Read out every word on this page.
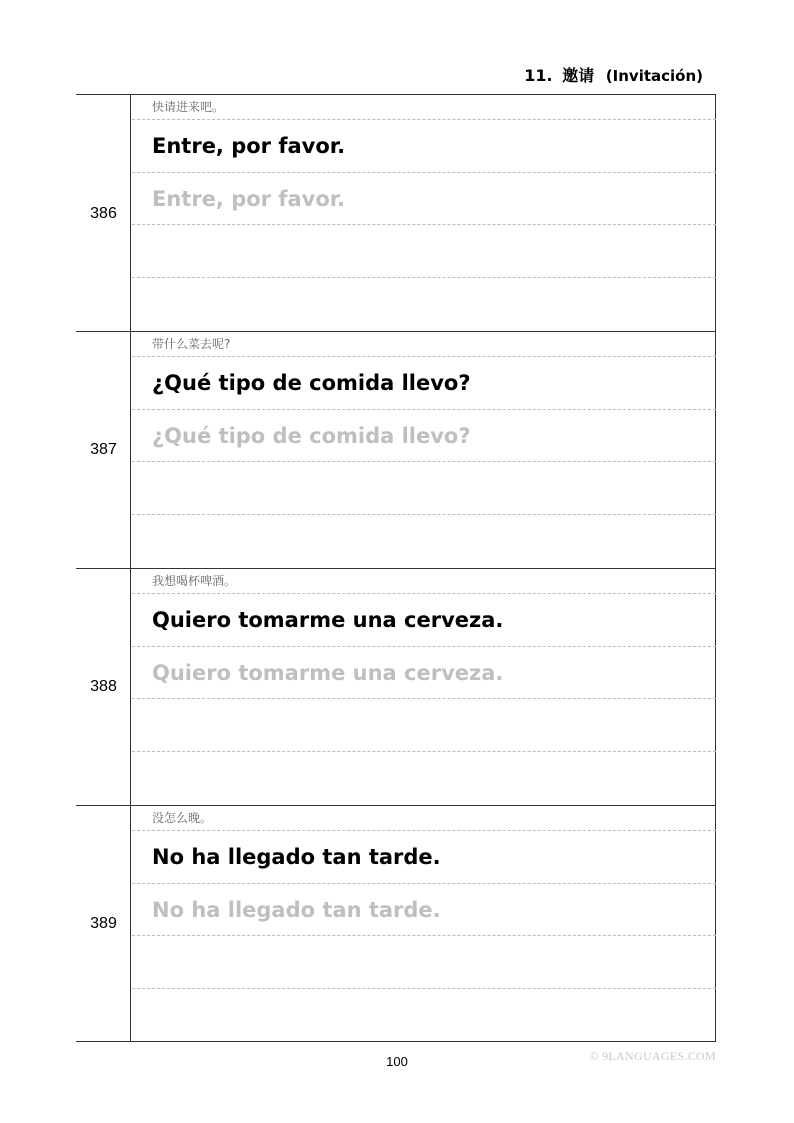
11. 邀请 (Invitación)
386
快请进来吧。
Entre, por favor.
Entre, por favor.
387
带什么菜去呢?
¿Qué tipo de comida llevo?
¿Qué tipo de comida llevo?
388
我想喝杯啤酒。
Quiero tomarme una cerveza.
Quiero tomarme una cerveza.
389
没怎么晚。
No ha llegado tan tarde.
No ha llegado tan tarde.
100	© 9LANGUAGES.COM
